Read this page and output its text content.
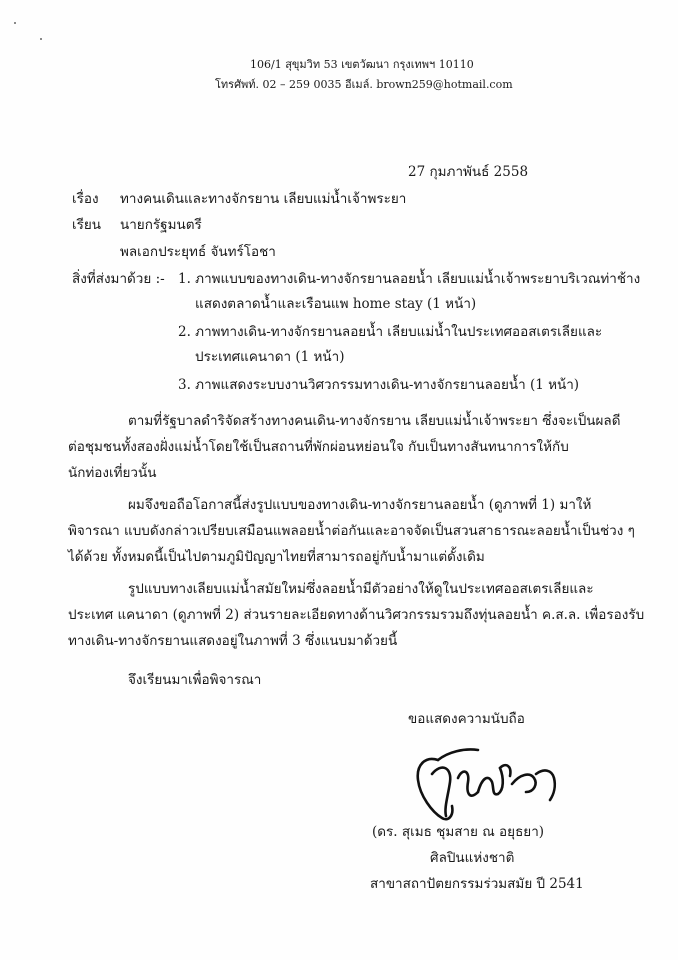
106/1 สุขุมวิท 53 เขตวัฒนา กรุงเทพฯ 10110
โทรศัพท์. 02 – 259 0035 อีเมล์. brown259@hotmail.com
27 กุมภาพันธ์ 2558
เรื่อง ทางคนเดินและทางจักรยาน เลียบแม่น้ำเจ้าพระยา
เรียน นายกรัฐมนตรี
พลเอกประยุทธ์ จันทร์โอชา
สิ่งที่ส่งมาด้วย :- 1. ภาพแบบของทางเดิน-ทางจักรยานลอยน้ำ เลียบแม่น้ำเจ้าพระยาบริเวณท่าช้าง
แสดงตลาดน้ำและเรือนแพ home stay (1 หน้า)
2. ภาพทางเดิน-ทางจักรยานลอยน้ำ เลียบแม่น้ำในประเทศออสเตรเลียและ
ประเทศแคนาดา (1 หน้า)
3. ภาพแสดงระบบงานวิศวกรรมทางเดิน-ทางจักรยานลอยน้ำ (1 หน้า)
ตามที่รัฐบาลดำริจัดสร้างทางคนเดิน-ทางจักรยาน เลียบแม่น้ำเจ้าพระยา ซึ่งจะเป็นผลดี
ต่อชุมชนทั้งสองฝั่งแม่น้ำโดยใช้เป็นสถานที่พักผ่อนหย่อนใจ กับเป็นทางสันทนาการให้กับ
นักท่องเที่ยวนั้น
ผมจึงขอถือโอกาสนี้ส่งรูปแบบของทางเดิน-ทางจักรยานลอยน้ำ (ดูภาพที่ 1) มาให้
พิจารณา แบบดังกล่าวเปรียบเสมือนแพลอยน้ำต่อกันและอาจจัดเป็นสวนสาธารณะลอยน้ำเป็นช่วง ๆ
ได้ด้วย ทั้งหมดนี้เป็นไปตามภูมิปัญญาไทยที่สามารถอยู่กับน้ำมาแต่ดั้งเดิม
รูปแบบทางเลียบแม่น้ำสมัยใหม่ซึ่งลอยน้ำมีตัวอย่างให้ดูในประเทศออสเตรเลียและ
ประเทศ แคนาดา (ดูภาพที่ 2) ส่วนรายละเอียดทางด้านวิศวกรรมรวมถึงทุ่นลอยน้ำ ค.ส.ล. เพื่อรองรับ
ทางเดิน-ทางจักรยานแสดงอยู่ในภาพที่ 3 ซึ่งแนบมาด้วยนี้
จึงเรียนมาเพื่อพิจารณา
ขอแสดงความนับถือ
(ดร. สุเมธ ชุมสาย ณ อยุธยา)
ศิลปินแห่งชาติ
สาขาสถาปัตยกรรมร่วมสมัย ปี 2541
